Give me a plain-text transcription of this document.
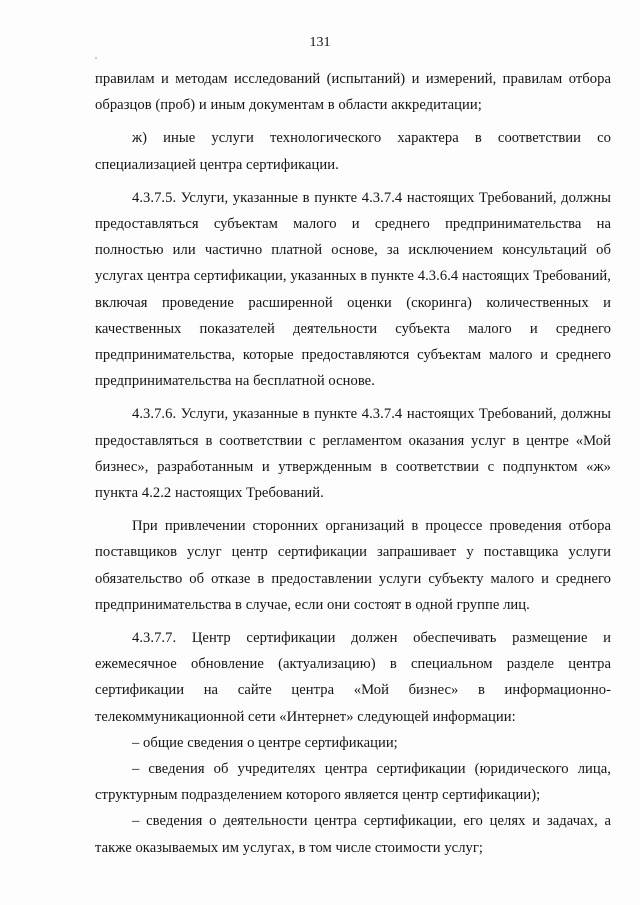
131

правилам и методам исследований (испытаний) и измерений, правилам отбора образцов (проб) и иным документам в области аккредитации;

ж) иные услуги технологического характера в соответствии со специализацией центра сертификации.

4.3.7.5. Услуги, указанные в пункте 4.3.7.4 настоящих Требований, должны предоставляться субъектам малого и среднего предпринимательства на полностью или частично платной основе, за исключением консультаций об услугах центра сертификации, указанных в пункте 4.3.6.4 настоящих Требований, включая проведение расширенной оценки (скоринга) количественных и качественных показателей деятельности субъекта малого и среднего предпринимательства, которые предоставляются субъектам малого и среднего предпринимательства на бесплатной основе.

4.3.7.6. Услуги, указанные в пункте 4.3.7.4 настоящих Требований, должны предоставляться в соответствии с регламентом оказания услуг в центре «Мой бизнес», разработанным и утвержденным в соответствии с подпунктом «ж» пункта 4.2.2 настоящих Требований.

При привлечении сторонних организаций в процессе проведения отбора поставщиков услуг центр сертификации запрашивает у поставщика услуги обязательство об отказе в предоставлении услуги субъекту малого и среднего предпринимательства в случае, если они состоят в одной группе лиц.

4.3.7.7. Центр сертификации должен обеспечивать размещение и ежемесячное обновление (актуализацию) в специальном разделе центра сертификации на сайте центра «Мой бизнес» в информационно-телекоммуникационной сети «Интернет» следующей информации:

– общие сведения о центре сертификации;

– сведения об учредителях центра сертификации (юридического лица, структурным подразделением которого является центр сертификации);

– сведения о деятельности центра сертификации, его целях и задачах, а также оказываемых им услугах, в том числе стоимости услуг;
